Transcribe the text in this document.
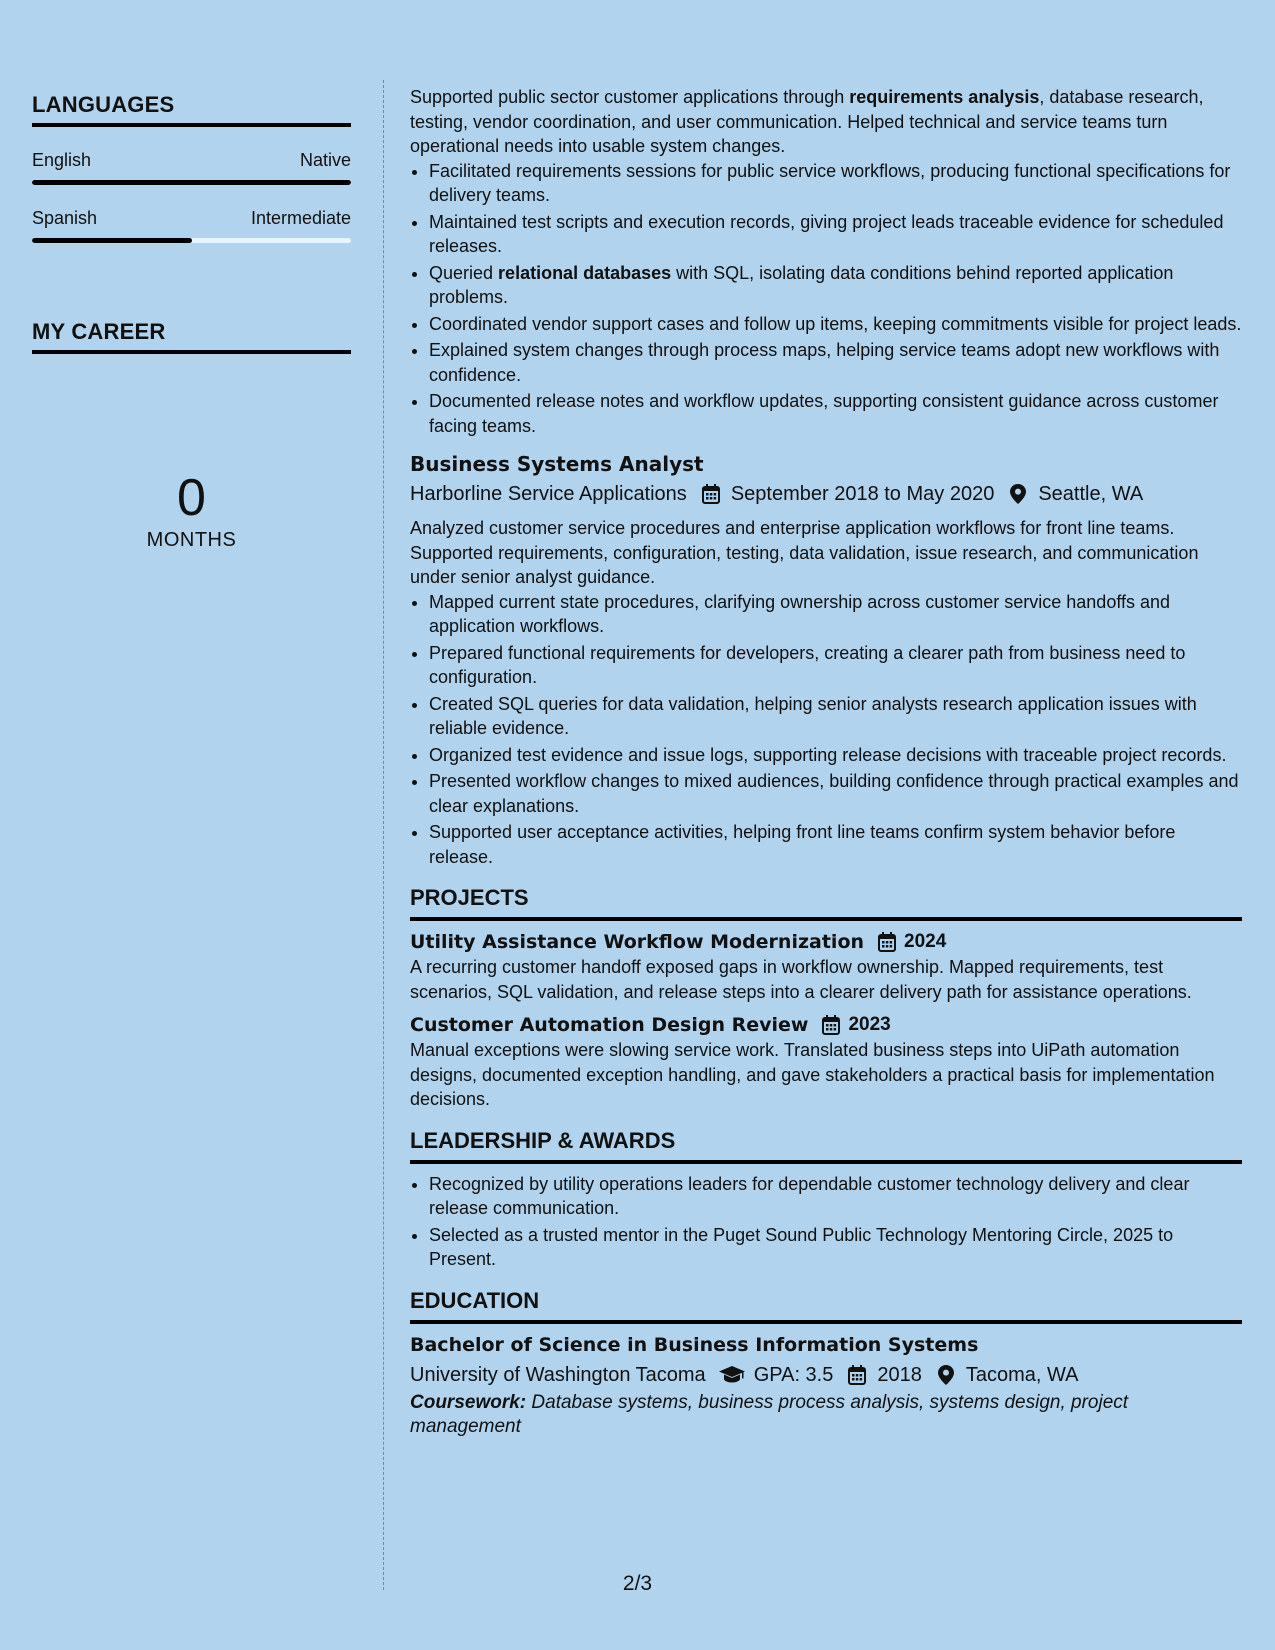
LANGUAGES
English	Native
Spanish	Intermediate
MY CAREER
0
MONTHS

Supported public sector customer applications through requirements analysis, database research, testing, vendor coordination, and user communication. Helped technical and service teams turn operational needs into usable system changes.

• Facilitated requirements sessions for public service workflows, producing functional specifications for delivery teams.
• Maintained test scripts and execution records, giving project leads traceable evidence for scheduled releases.
• Queried relational databases with SQL, isolating data conditions behind reported application problems.
• Coordinated vendor support cases and follow up items, keeping commitments visible for project leads.
• Explained system changes through process maps, helping service teams adopt new workflows with confidence.
• Documented release notes and workflow updates, supporting consistent guidance across customer facing teams.
Business Systems Analyst
Harborline Service Applications September 2018 to May 2020 Seattle, WA

Analyzed customer service procedures and enterprise application workflows for front line teams. Supported requirements, configuration, testing, data validation, issue research, and communication under senior analyst guidance.

• Mapped current state procedures, clarifying ownership across customer service handoffs and application workflows.
• Prepared functional requirements for developers, creating a clearer path from business need to configuration.
• Created SQL queries for data validation, helping senior analysts research application issues with reliable evidence.
• Organized test evidence and issue logs, supporting release decisions with traceable project records.
• Presented workflow changes to mixed audiences, building confidence through practical examples and clear explanations.
• Supported user acceptance activities, helping front line teams confirm system behavior before release.
PROJECTS
Utility Assistance Workflow Modernization 2024

A recurring customer handoff exposed gaps in workflow ownership. Mapped requirements, test scenarios, SQL validation, and release steps into a clearer delivery path for assistance operations.

Customer Automation Design Review 2023

Manual exceptions were slowing service work. Translated business steps into UiPath automation designs, documented exception handling, and gave stakeholders a practical basis for implementation decisions.

LEADERSHIP & AWARDS
• Recognized by utility operations leaders for dependable customer technology delivery and clear release communication.
• Selected as a trusted mentor in the Puget Sound Public Technology Mentoring Circle, 2025 to Present.
EDUCATION
Bachelor of Science in Business Information Systems
University of Washington Tacoma GPA: 3.5 2018 Tacoma, WA

Coursework: Database systems, business process analysis, systems design, project management

2/3
